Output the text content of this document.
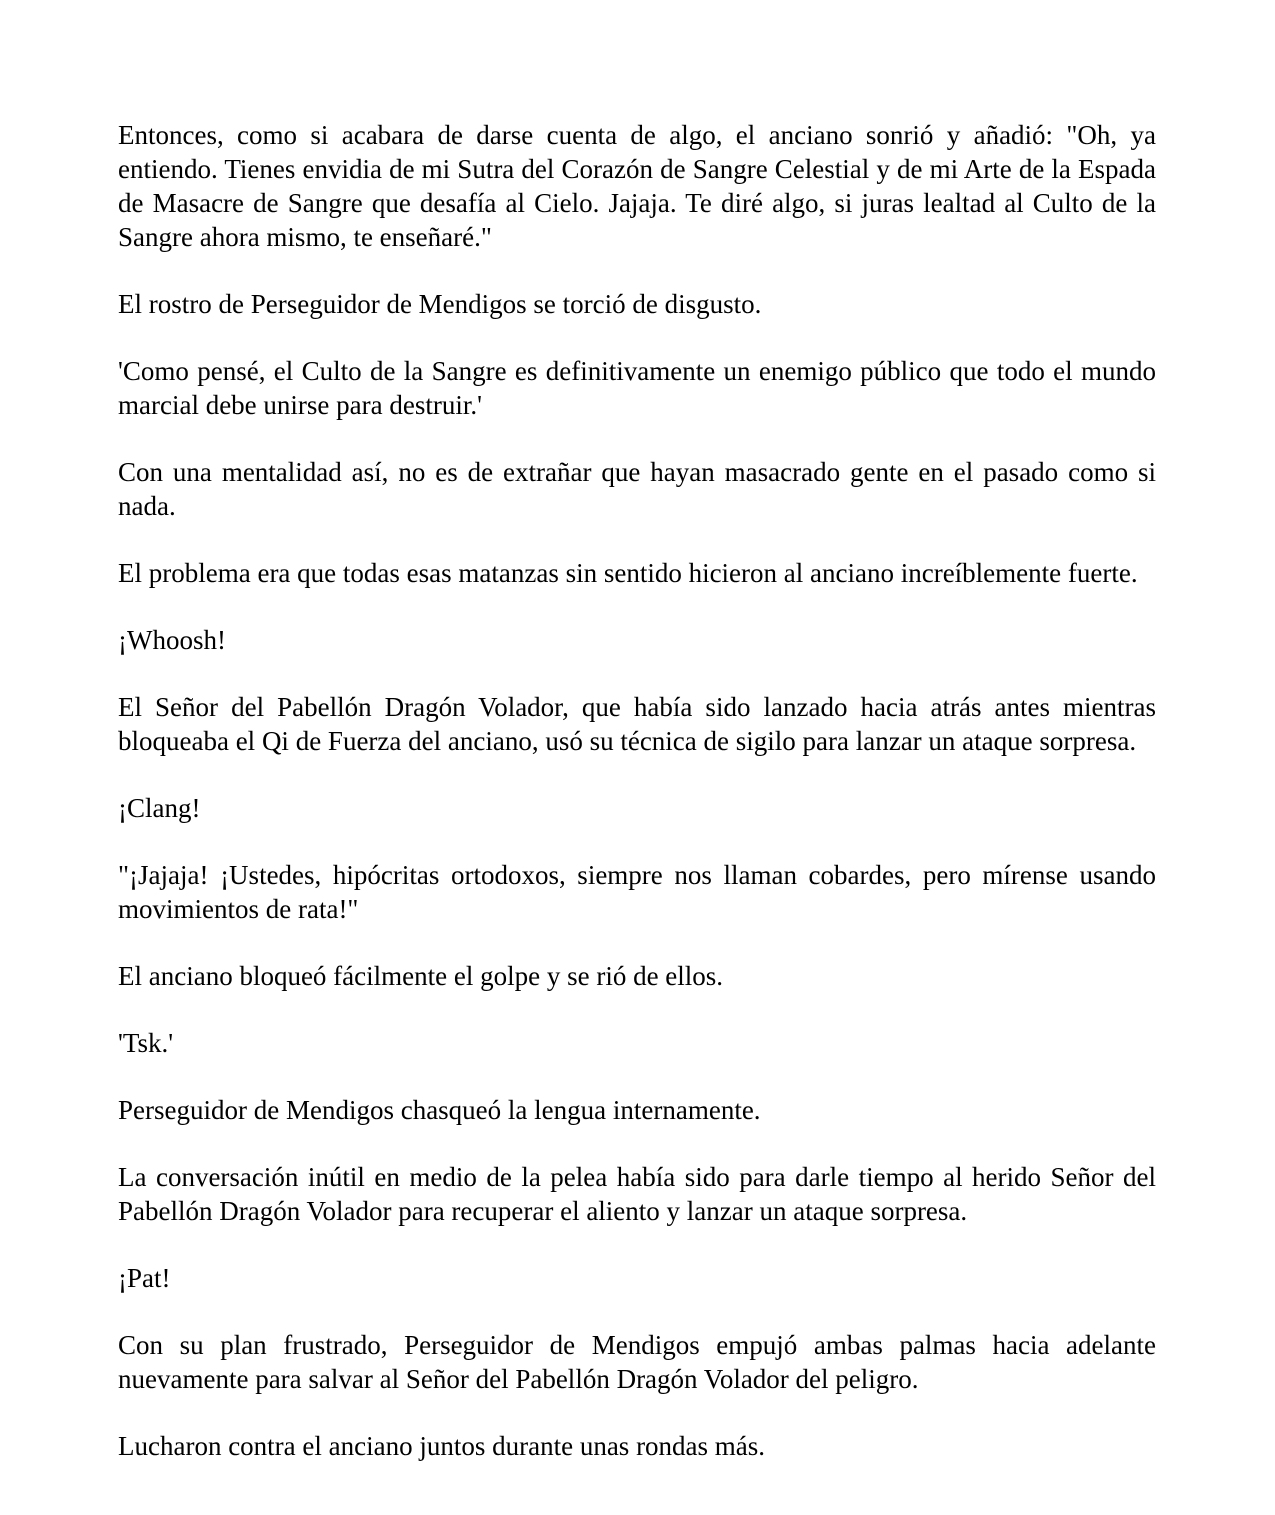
Entonces, como si acabara de darse cuenta de algo, el anciano sonrió y añadió: "Oh, ya entiendo. Tienes envidia de mi Sutra del Corazón de Sangre Celestial y de mi Arte de la Espada de Masacre de Sangre que desafía al Cielo. Jajaja. Te diré algo, si juras lealtad al Culto de la Sangre ahora mismo, te enseñaré."

El rostro de Perseguidor de Mendigos se torció de disgusto.

'Como pensé, el Culto de la Sangre es definitivamente un enemigo público que todo el mundo marcial debe unirse para destruir.'

Con una mentalidad así, no es de extrañar que hayan masacrado gente en el pasado como si nada.

El problema era que todas esas matanzas sin sentido hicieron al anciano increíblemente fuerte.

¡Whoosh!

El Señor del Pabellón Dragón Volador, que había sido lanzado hacia atrás antes mientras bloqueaba el Qi de Fuerza del anciano, usó su técnica de sigilo para lanzar un ataque sorpresa.

¡Clang!

"¡Jajaja! ¡Ustedes, hipócritas ortodoxos, siempre nos llaman cobardes, pero mírense usando movimientos de rata!"

El anciano bloqueó fácilmente el golpe y se rió de ellos.

'Tsk.'

Perseguidor de Mendigos chasqueó la lengua internamente.

La conversación inútil en medio de la pelea había sido para darle tiempo al herido Señor del Pabellón Dragón Volador para recuperar el aliento y lanzar un ataque sorpresa.

¡Pat!

Con su plan frustrado, Perseguidor de Mendigos empujó ambas palmas hacia adelante nuevamente para salvar al Señor del Pabellón Dragón Volador del peligro.

Lucharon contra el anciano juntos durante unas rondas más.
